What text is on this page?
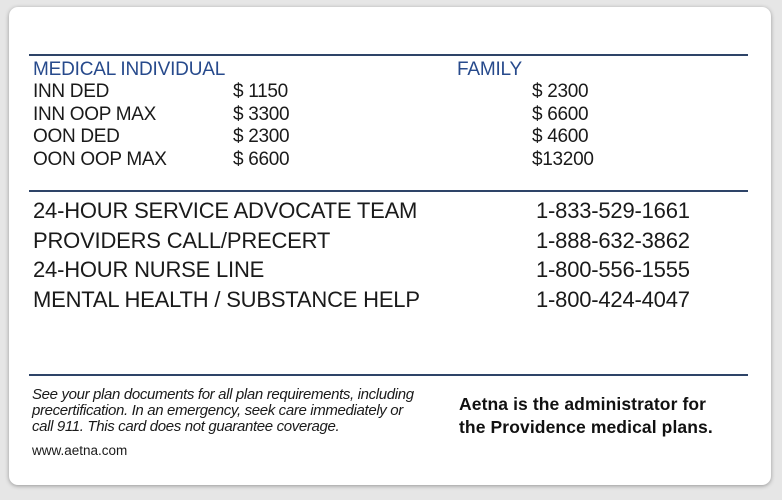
MEDICAL INDIVIDUAL	FAMILY
INN DED
INN OOP MAX
OON DED
OON OOP MAX
$ 1150
$ 3300
$ 2300
$ 6600
$ 2300
$ 6600
$ 4600
$13200
24-HOUR SERVICE ADVOCATE TEAM
PROVIDERS CALL/PRECERT
24-HOUR NURSE LINE
MENTAL HEALTH / SUBSTANCE HELP
1-833-529-1661
1-888-632-3862
1-800-556-1555
1-800-424-4047
See your plan documents for all plan requirements, including
precertification. In an emergency, seek care immediately or
call 911. This card does not guarantee coverage.
www.aetna.com
Aetna is the administrator for
the Providence medical plans.
